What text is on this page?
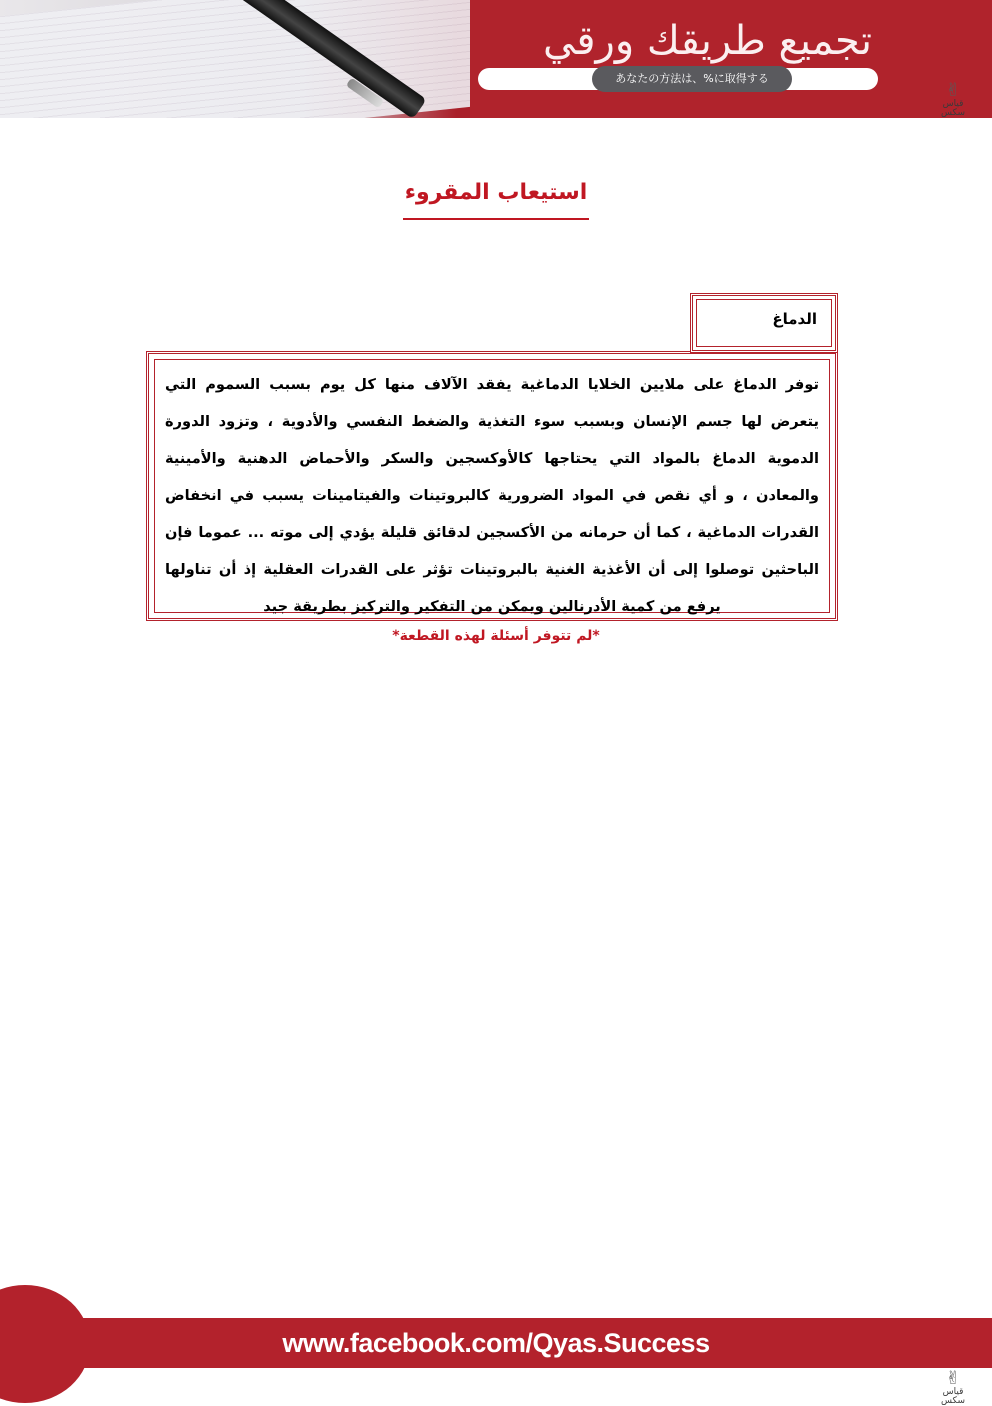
تجميع طريقك ورقي
あなたの方法は、%に取得する
✌
قياس سكس
استيعاب المقروء
توفر الدماغ على ملايين الخلايا الدماغية يفقد الآلاف منها كل يوم بسبب السموم التي يتعرض لها جسم الإنسان وبسبب سوء التغذية والضغط النفسي والأدوية ، وتزود الدورة الدموية الدماغ بالمواد التي يحتاجها كالأوكسجين والسكر والأحماض الدهنية والأمينية والمعادن ، و أي نقص في المواد الضرورية كالبروتينات والفيتامينات يسبب في انخفاض القدرات الدماغية ، كما أن حرمانه من الأكسجين لدقائق قليلة يؤدي إلى موته ... عموما فإن الباحثين توصلوا إلى أن الأغذية الغنية بالبروتينات تؤثر على القدرات العقلية إذ أن تناولها يرفع من كمية الأدرنالين ويمكن من التفكير والتركيز بطريقة جيد
الدماغ
*لم تتوفر أسئلة لهذه القطعة*
www.facebook.com/Qyas.Success
✌
قياس سكس
